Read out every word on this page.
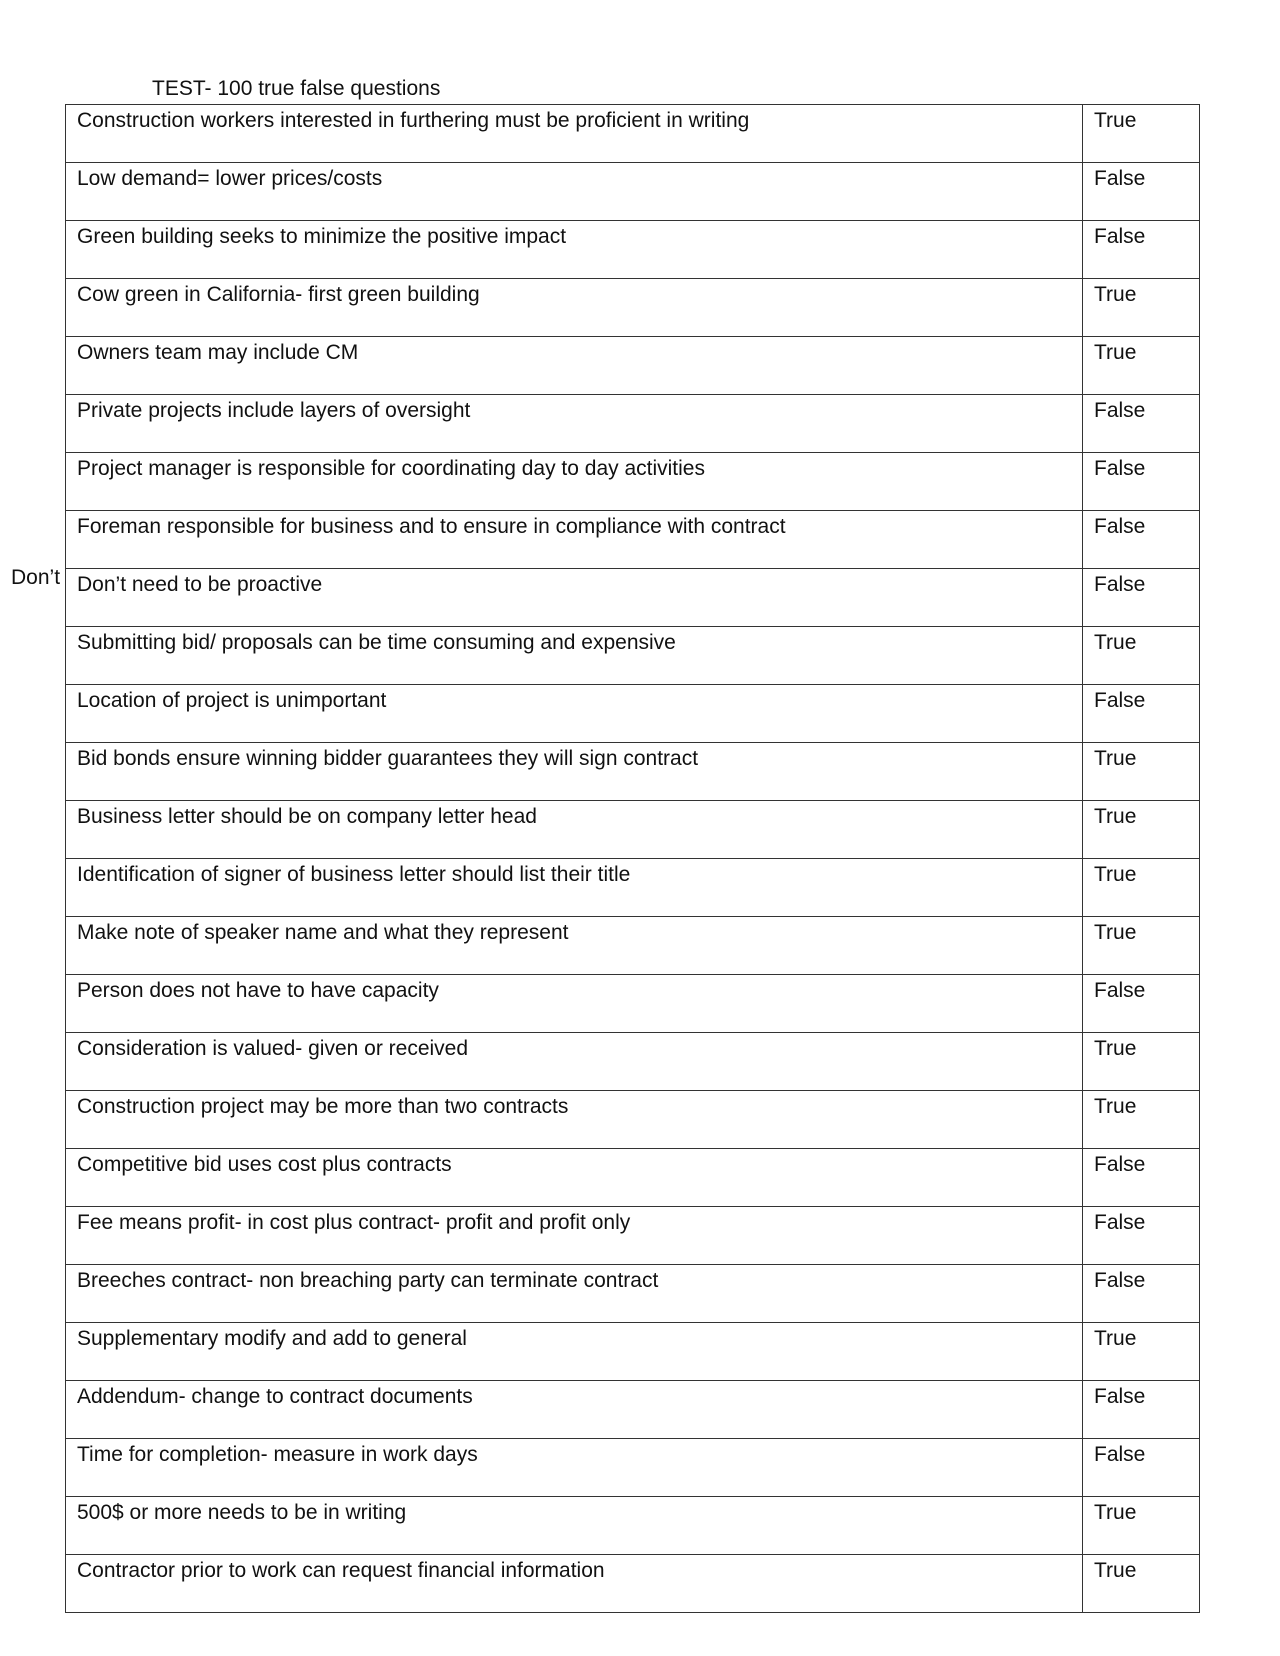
TEST- 100 true false questions
Don’t
Construction workers interested in furthering must be proficient in writing	True

Low demand= lower prices/costs	False

Green building seeks to minimize the positive impact	False

Cow green in California- first green building	True

Owners team may include CM	True

Private projects include layers of oversight	False

Project manager is responsible for coordinating day to day activities	False

Foreman responsible for business and to ensure in compliance with contract	False

Don’t need to be proactive	False

Submitting bid/ proposals can be time consuming and expensive	True

Location of project is unimportant	False

Bid bonds ensure winning bidder guarantees they will sign contract	True

Business letter should be on company letter head	True

Identification of signer of business letter should list their title	True

Make note of speaker name and what they represent	True

Person does not have to have capacity	False

Consideration is valued- given or received	True

Construction project may be more than two contracts	True

Competitive bid uses cost plus contracts	False

Fee means profit- in cost plus contract- profit and profit only	False

Breeches contract- non breaching party can terminate contract	False

Supplementary modify and add to general	True

Addendum- change to contract documents	False

Time for completion- measure in work days	False

500$ or more needs to be in writing	True

Contractor prior to work can request financial information	True
